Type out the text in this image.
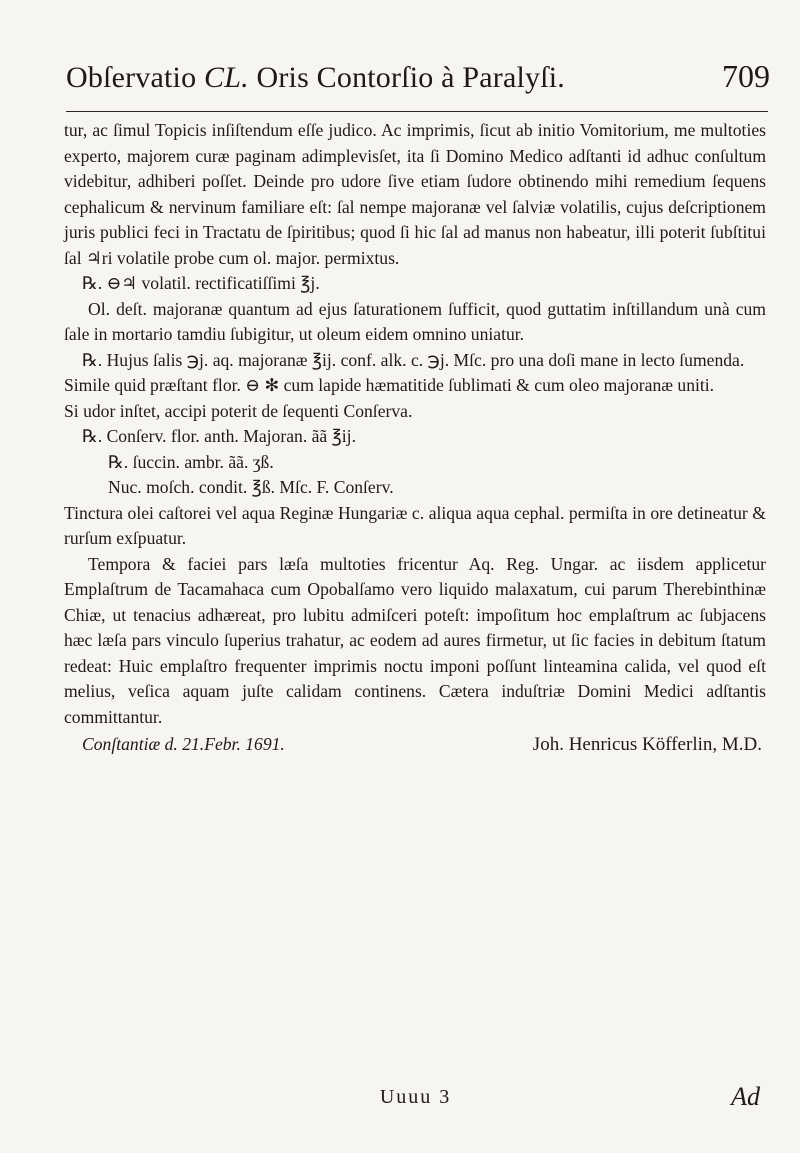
Obſervatio CL. Oris Contorſio à Paralyſi.	709

tur, ac ſimul Topicis inſiſtendum eſſe judico. Ac imprimis, ſicut ab initio Vomitorium, me multoties experto, majorem curæ paginam adimplevisſet, ita ſi Domino Medico adſtanti id adhuc conſultum videbitur, adhiberi poſſet. Deinde pro udore ſive etiam ſudore obtinendo mihi remedium ſequens cephalicum & nervinum familiare eſt: ſal nempe majoranæ vel ſalviæ volatilis, cujus deſcriptionem juris publici feci in Tractatu de ſpiritibus; quod ſi hic ſal ad manus non habeatur, illi poterit ſubſtitui ſal ♃ri volatile probe cum ol. major. permixtus.

℞. ⊖♃ volatil. rectificatiſſimi ℥j.

Ol. deſt. majoranæ quantum ad ejus ſaturationem ſufficit, quod guttatim inſtillandum unà cum ſale in mortario tamdiu ſubigitur, ut oleum eidem omnino uniatur.

℞. Hujus ſalis ℈j. aq. majoranæ ℥ij. conf. alk. c. ℈j. Mſc. pro una doſi mane in lecto ſumenda.

Simile quid præſtant flor. ⊖ ✻ cum lapide hæmatitide ſublimati & cum oleo majoranæ uniti.

Si udor inſtet, accipi poterit de ſequenti Conſerva.

℞. Conſerv. flor. anth. Majoran. ãã ℥ij.

℞. ſuccin. ambr. ãã. ʒß.

Nuc. moſch. condit. ℥ß. Mſc. F. Conſerv.

Tinctura olei caſtorei vel aqua Reginæ Hungariæ c. aliqua aqua cephal. permiſta in ore detineatur & rurſum exſpuatur.

Tempora & faciei pars læſa multoties fricentur Aq. Reg. Ungar. ac iisdem applicetur Emplaſtrum de Tacamahaca cum Opobalſamo vero liquido malaxatum, cui parum Therebinthinæ Chiæ, ut tenacius adhæreat, pro lubitu admiſceri poteſt: impoſitum hoc emplaſtrum ac ſubjacens hæc læſa pars vinculo ſuperius trahatur, ac eodem ad aures firmetur, ut ſic facies in debitum ſtatum redeat: Huic emplaſtro frequenter imprimis noctu imponi poſſunt linteamina calida, vel quod eſt melius, veſica aquam juſte calidam continens. Cætera induſtriæ Domini Medici adſtantis committantur.

Conſtantiæ d. 21.Febr. 1691.	Joh. Henricus Köfferlin, M.D.
Uuuu 3	Ad
